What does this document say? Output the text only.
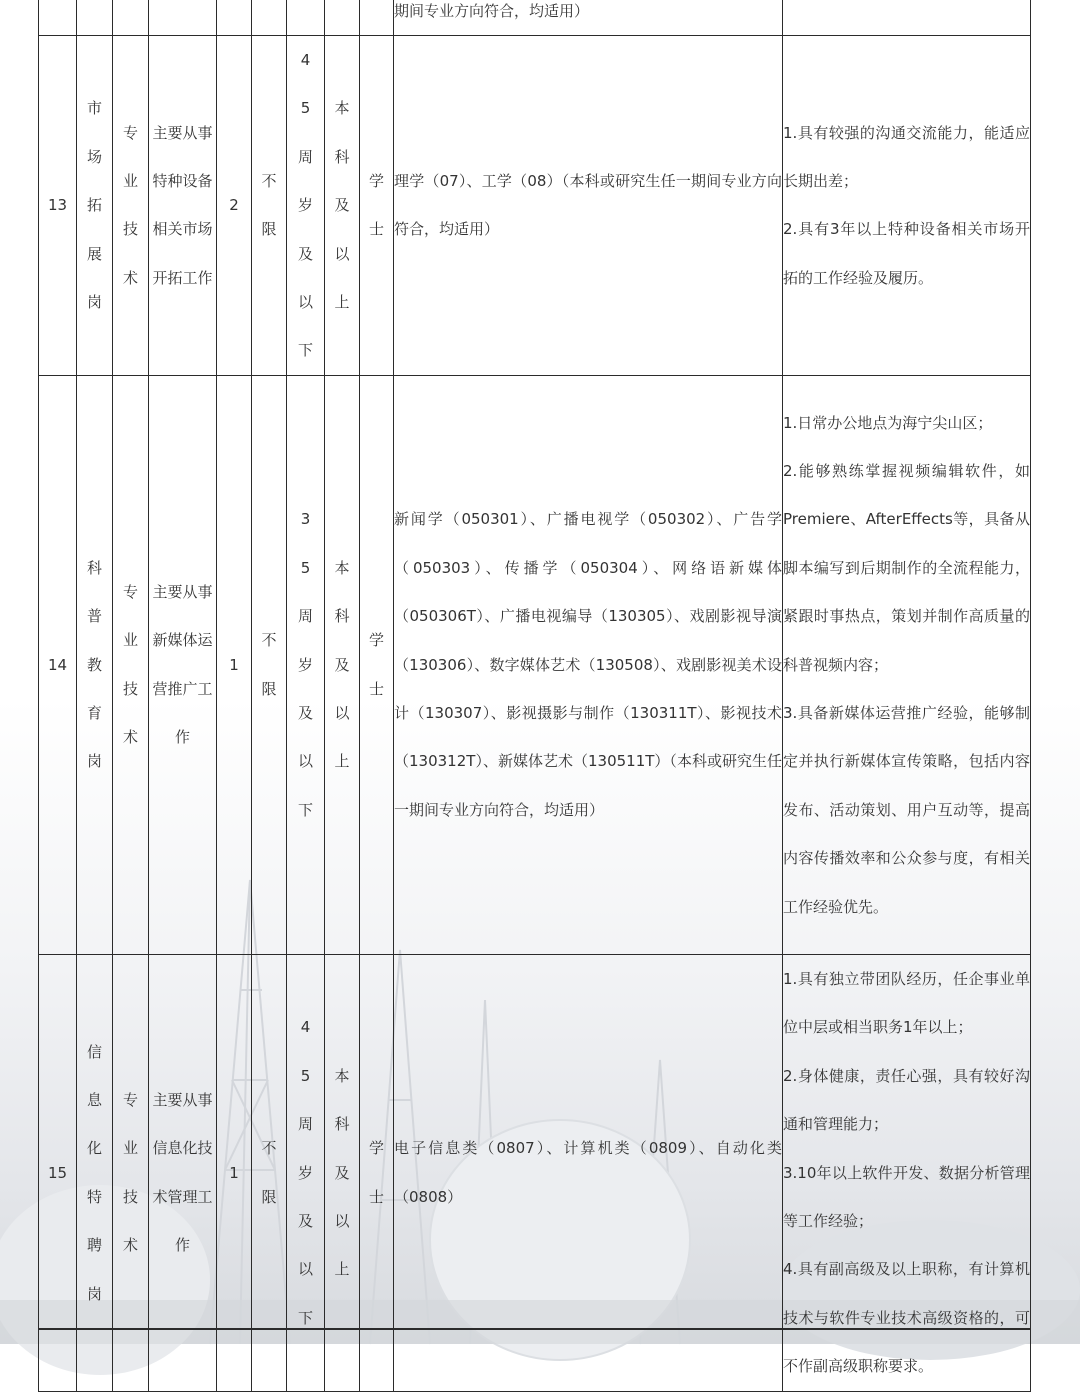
									期间专业方向符合，均适用）	
13	市场拓展岗	专业技术	主要从事特种设备相关市场开拓工作	2	不限	45周岁及以下	本科及以上	学士	理学（07）、工学（08）（本科或研究生任一期间专业方向符合，均适用）	1.具有较强的沟通交流能力，能适应长期出差；
2.具有3年以上特种设备相关市场开拓的工作经验及履历。

14	科普教育岗	专业技术	主要从事新媒体运营推广工作	1	不限	35周岁及以下	本科及以上	学士	新闻学（050301）、广播电视学（050302）、广告学（050303）、传播学（050304）、网络语新媒体（050306T）、广播电视编导（130305）、戏剧影视导演（130306）、数字媒体艺术（130508）、戏剧影视美术设计（130307）、影视摄影与制作（130311T）、影视技术（130312T）、新媒体艺术（130511T）（本科或研究生任一期间专业方向符合，均适用）	1.日常办公地点为海宁尖山区；
2.能够熟练掌握视频编辑软件，如Premiere、AfterEffects等，具备从脚本编写到后期制作的全流程能力，紧跟时事热点，策划并制作高质量的科普视频内容；
3.具备新媒体运营推广经验，能够制定并执行新媒体宣传策略，包括内容发布、活动策划、用户互动等，提高内容传播效率和公众参与度，有相关工作经验优先。

15	信息化特聘岗	专业技术	主要从事信息化技术管理工作	1	不限	45周岁及以下	本科及以上	学士	电子信息类（0807）、计算机类（0809）、自动化类（0808）	1.具有独立带团队经历，任企事业单位中层或相当职务1年以上；
2.身体健康，责任心强，具有较好沟通和管理能力；
3.10年以上软件开发、数据分析管理等工作经验；
4.具有副高级及以上职称，有计算机技术与软件专业技术高级资格的，可不作副高级职称要求。
